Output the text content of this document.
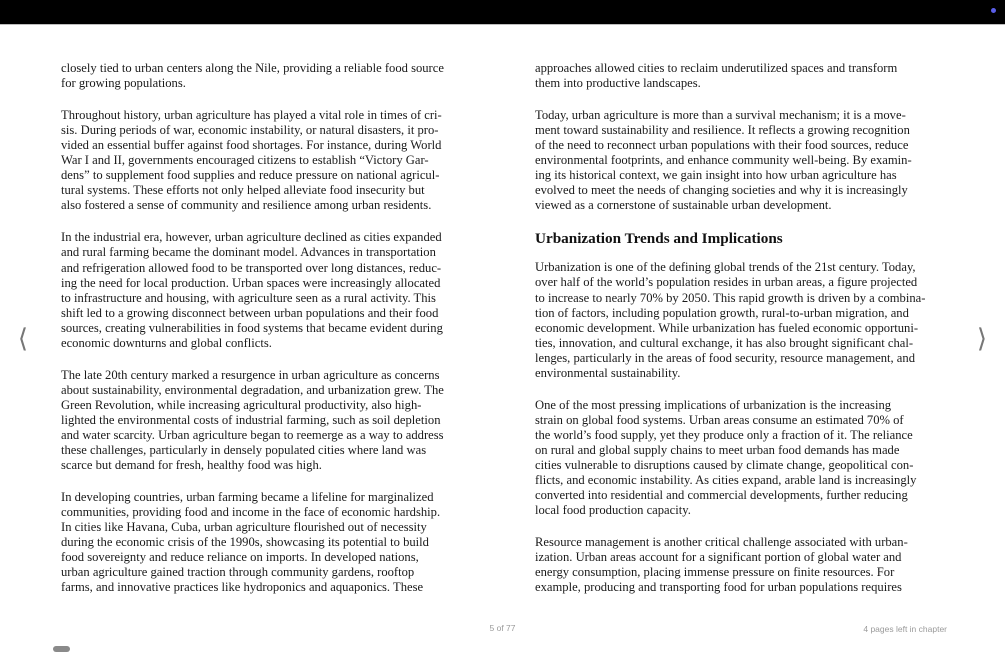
closely tied to urban centers along the Nile, providing a reliable food source
for growing populations.

Throughout history, urban agriculture has played a vital role in times of cri-
sis. During periods of war, economic instability, or natural disasters, it pro-
vided an essential buffer against food shortages. For instance, during World
War I and II, governments encouraged citizens to establish “Victory Gar-
dens” to supplement food supplies and reduce pressure on national agricul-
tural systems. These efforts not only helped alleviate food insecurity but
also fostered a sense of community and resilience among urban residents.

In the industrial era, however, urban agriculture declined as cities expanded
and rural farming became the dominant model. Advances in transportation
and refrigeration allowed food to be transported over long distances, reduc-
ing the need for local production. Urban spaces were increasingly allocated
to infrastructure and housing, with agriculture seen as a rural activity. This
shift led to a growing disconnect between urban populations and their food
sources, creating vulnerabilities in food systems that became evident during
economic downturns and global conflicts.

The late 20th century marked a resurgence in urban agriculture as concerns
about sustainability, environmental degradation, and urbanization grew. The
Green Revolution, while increasing agricultural productivity, also high-
lighted the environmental costs of industrial farming, such as soil depletion
and water scarcity. Urban agriculture began to reemerge as a way to address
these challenges, particularly in densely populated cities where land was
scarce but demand for fresh, healthy food was high.

In developing countries, urban farming became a lifeline for marginalized
communities, providing food and income in the face of economic hardship.
In cities like Havana, Cuba, urban agriculture flourished out of necessity
during the economic crisis of the 1990s, showcasing its potential to build
food sovereignty and reduce reliance on imports. In developed nations,
urban agriculture gained traction through community gardens, rooftop
farms, and innovative practices like hydroponics and aquaponics. These

approaches allowed cities to reclaim underutilized spaces and transform
them into productive landscapes.

Today, urban agriculture is more than a survival mechanism; it is a move-
ment toward sustainability and resilience. It reflects a growing recognition
of the need to reconnect urban populations with their food sources, reduce
environmental footprints, and enhance community well-being. By examin-
ing its historical context, we gain insight into how urban agriculture has
evolved to meet the needs of changing societies and why it is increasingly
viewed as a cornerstone of sustainable urban development.

Urbanization Trends and Implications

Urbanization is one of the defining global trends of the 21st century. Today,
over half of the world’s population resides in urban areas, a figure projected
to increase to nearly 70% by 2050. This rapid growth is driven by a combina-
tion of factors, including population growth, rural-to-urban migration, and
economic development. While urbanization has fueled economic opportuni-
ties, innovation, and cultural exchange, it has also brought significant chal-
lenges, particularly in the areas of food security, resource management, and
environmental sustainability.

One of the most pressing implications of urbanization is the increasing
strain on global food systems. Urban areas consume an estimated 70% of
the world’s food supply, yet they produce only a fraction of it. The reliance
on rural and global supply chains to meet urban food demands has made
cities vulnerable to disruptions caused by climate change, geopolitical con-
flicts, and economic instability. As cities expand, arable land is increasingly
converted into residential and commercial developments, further reducing
local food production capacity.

Resource management is another critical challenge associated with urban-
ization. Urban areas account for a significant portion of global water and
energy consumption, placing immense pressure on finite resources. For
example, producing and transporting food for urban populations requires

⟨	⟩
5 of 77	4 pages left in chapter
